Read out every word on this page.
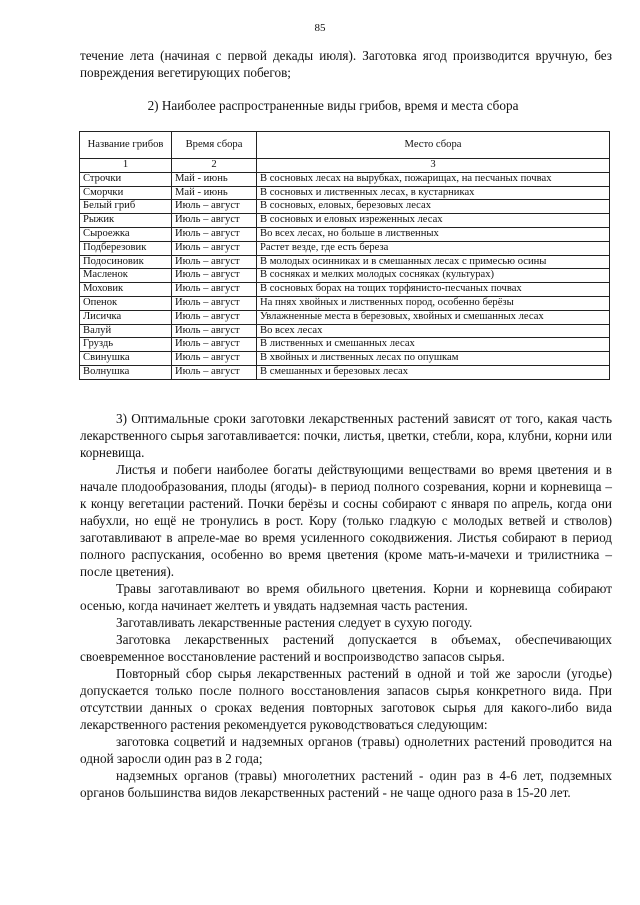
85

течение лета (начиная с первой декады июля). Заготовка ягод производится вручную, без повреждения вегетирующих побегов;

2) Наиболее распространенные виды грибов, время и места сбора
Название грибов	Время сбора	Место сбора
1	2	3
Строчки	Май - июнь	В сосновых лесах на вырубках, пожарищах, на песчаных почвах
Сморчки	Май - июнь	В сосновых и лиственных лесах, в кустарниках
Белый гриб	Июль – август	В сосновых, еловых, березовых лесах
Рыжик	Июль – август	В сосновых и еловых изреженных лесах
Сыроежка	Июль – август	Во всех лесах, но больше в лиственных
Подберезовик	Июль – август	Растет везде, где есть береза
Подосиновик	Июль – август	В молодых осинниках и в смешанных лесах с примесью осины
Масленок	Июль – август	В сосняках и мелких молодых сосняках (культурах)
Моховик	Июль – август	В сосновых борах на тощих торфянисто-песчаных почвах
Опенок	Июль – август	На пнях хвойных и лиственных пород, особенно берёзы
Лисичка	Июль – август	Увлажненные места в березовых, хвойных и смешанных лесах
Валуй	Июль – август	Во всех лесах
Груздь	Июль – август	В лиственных и смешанных лесах
Свинушка	Июль – август	В хвойных и лиственных лесах по опушкам
Волнушка	Июль – август	В смешанных и березовых лесах

3) Оптимальные сроки заготовки лекарственных растений зависят от того, какая часть лекарственного сырья заготавливается: почки, листья, цветки, стебли, кора, клубни, корни или корневища.

Листья и побеги наиболее богаты действующими веществами во время цветения и в начале плодообразования, плоды (ягоды)- в период полного созревания, корни и корневища – к концу вегетации растений. Почки берёзы и сосны собирают с января по апрель, когда они набухли, но ещё не тронулись в рост. Кору (только гладкую с молодых ветвей и стволов) заготавливают в апреле-мае во время усиленного сокодвижения. Листья собирают в период полного распускания, особенно во время цветения (кроме мать-и-мачехи и трилистника – после цветения).

Травы заготавливают во время обильного цветения. Корни и корневища собирают осенью, когда начинает желтеть и увядать надземная часть растения.

Заготавливать лекарственные растения следует в сухую погоду.

Заготовка лекарственных растений допускается в объемах, обеспечивающих своевременное восстановление растений и воспроизводство запасов сырья.

Повторный сбор сырья лекарственных растений в одной и той же заросли (угодье) допускается только после полного восстановления запасов сырья конкретного вида. При отсутствии данных о сроках ведения повторных заготовок сырья для какого-либо вида лекарственного растения рекомендуется руководствоваться следующим:

заготовка соцветий и надземных органов (травы) однолетних растений проводится на одной заросли один раз в 2 года;

надземных органов (травы) многолетних растений - один раз в 4-6 лет, подземных органов большинства видов лекарственных растений - не чаще одного раза в 15-20 лет.
